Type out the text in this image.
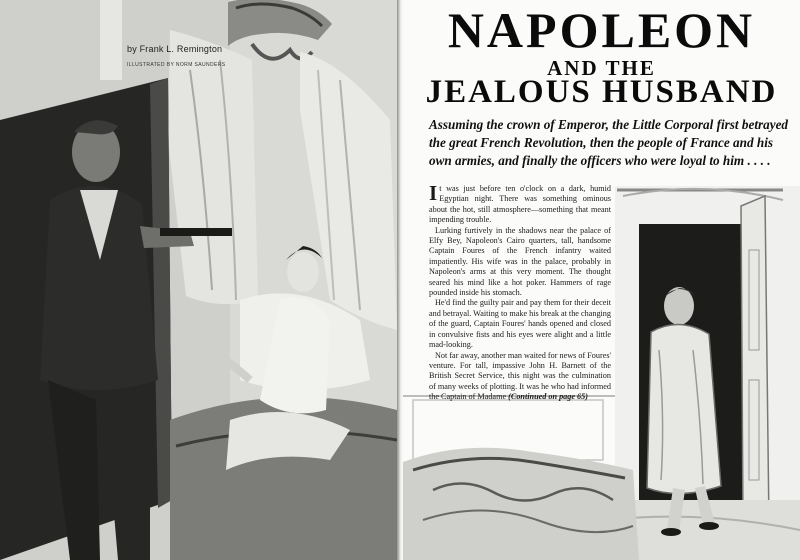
by Frank L. Remington
ILLUSTRATED BY NORM SAUNDERS
NAPOLEON
AND THE
JEALOUS HUSBAND
Assuming the crown of Emperor, the Little Corporal first betrayed the great French Revolution, then the people of France and his own armies, and finally the officers who were loyal to him . . . .

It was just before ten o'clock on a dark, humid Egyptian night. There was something ominous about the hot, still atmosphere—something that meant impending trouble.

Lurking furtively in the shadows near the palace of Elfy Bey, Napoleon's Cairo quarters, tall, handsome Captain Foures of the French infantry waited impatiently. His wife was in the palace, probably in Napoleon's arms at this very moment. The thought seared his mind like a hot poker. Hammers of rage pounded inside his stomach.

He'd find the guilty pair and pay them for their deceit and betrayal. Waiting to make his break at the changing of the guard, Captain Foures' hands opened and closed in convulsive fists and his eyes were alight and a little mad-looking.

Not far away, another man waited for news of Foures' venture. For tall, impassive John H. Barnett of the British Secret Service, this night was the culmination of many weeks of plotting. It was he who had informed the Captain of Madame (Continued on page 65)
